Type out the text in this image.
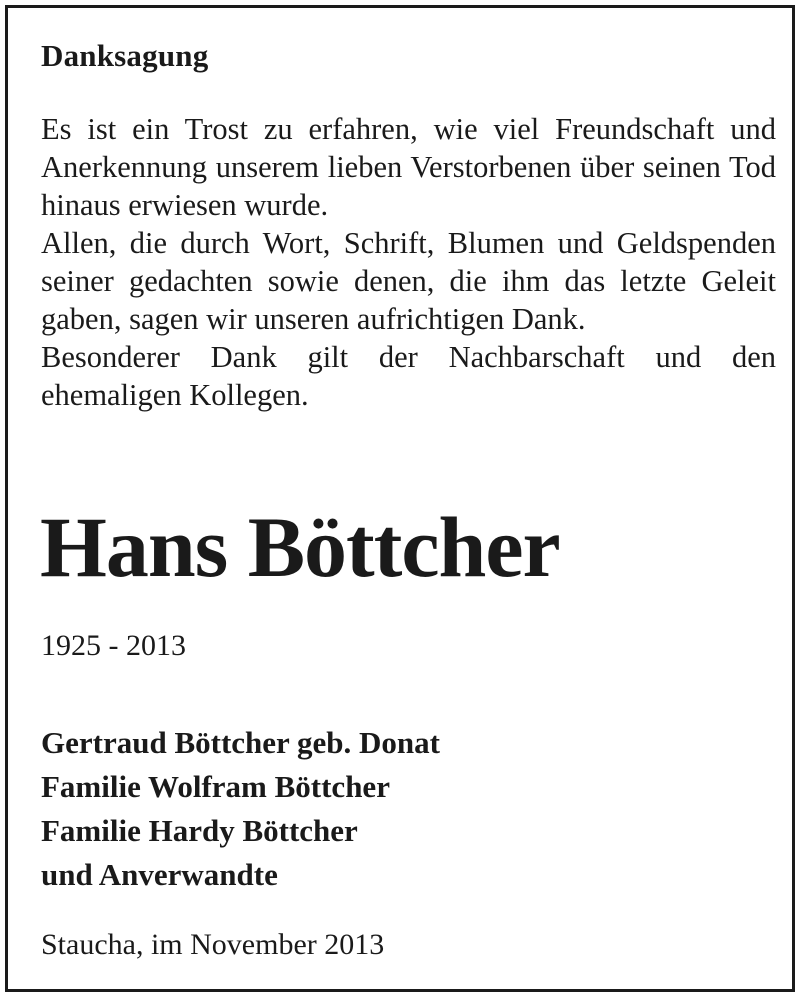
Danksagung

Es ist ein Trost zu erfahren, wie viel Freundschaft und Anerkennung unserem lieben Verstorbenen über seinen Tod hinaus erwiesen wurde.

Allen, die durch Wort, Schrift, Blumen und Geldspenden seiner gedachten sowie denen, die ihm das letzte Geleit gaben, sagen wir unseren aufrichtigen Dank.

Besonderer Dank gilt der Nachbarschaft und den ehemaligen Kollegen.

Hans Böttcher
1925 - 2013
Gertraud Böttcher geb. Donat
Familie Wolfram Böttcher
Familie Hardy Böttcher
und Anverwandte
Staucha, im November 2013
